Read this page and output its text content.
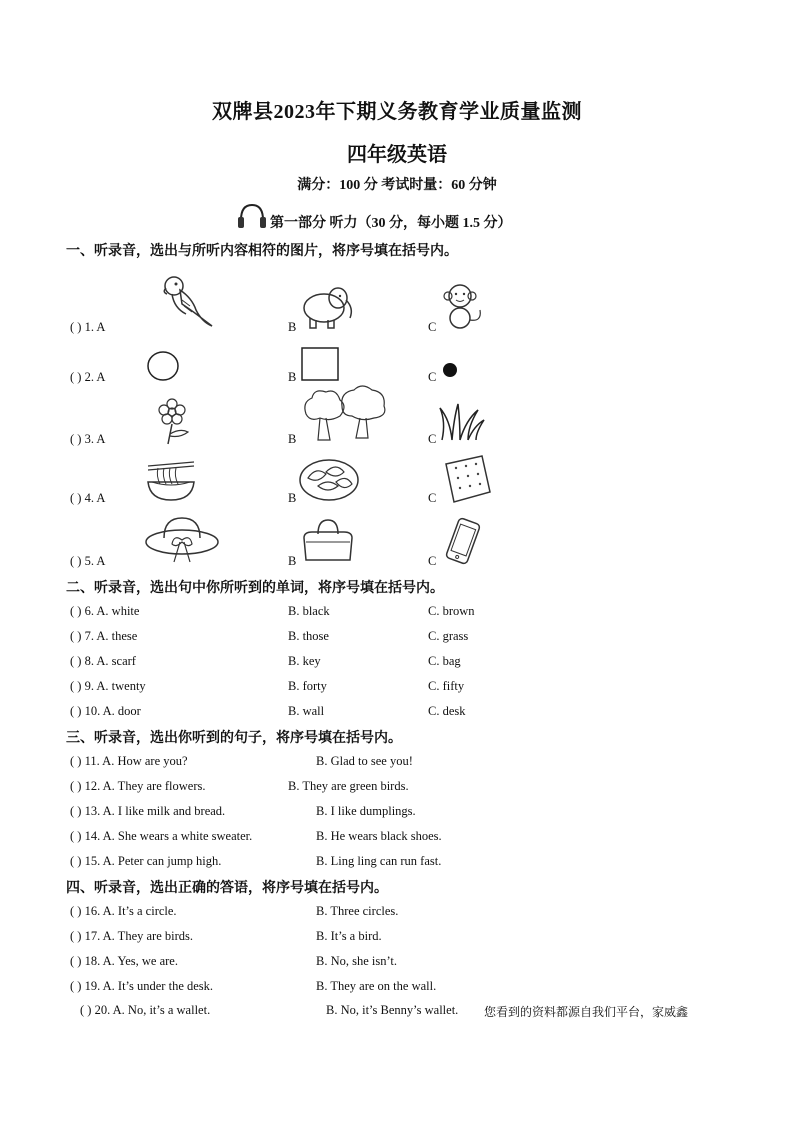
双牌县2023年下期义务教育学业质量监测
四年级英语
满分：100 分 考试时量：60 分钟
第一部分 听力（30 分，每小题 1.5 分）
一、听录音，选出与所听内容相符的图片，将序号填在括号内。
( ) 1. A	B	C
( ) 2. A	B	C
( ) 3. A	B	C
( ) 4. A	B	C
( ) 5. A	B	C
二、听录音，选出句中你所听到的单词，将序号填在括号内。
( ) 6. A. white	B. black	C. brown
( ) 7. A. these	B. those	C. grass
( ) 8. A. scarf	B. key	C. bag
( ) 9. A. twenty	B. forty	C. fifty
( ) 10. A. door	B. wall	C. desk
三、听录音，选出你听到的句子，将序号填在括号内。
( ) 11. A. How are you?	B. Glad to see you!
( ) 12. A. They are flowers.	B. They are green birds.
( ) 13. A. I like milk and bread.	B. I like dumplings.
( ) 14. A. She wears a white sweater.	B. He wears black shoes.
( ) 15. A. Peter can jump high.	B. Ling ling can run fast.
四、听录音，选出正确的答语，将序号填在括号内。
( ) 16. A. It’s a circle.	B. Three circles.
( ) 17. A. They are birds.	B. It’s a bird.
( ) 18. A. Yes, we are.	B. No, she isn’t.
( ) 19. A. It’s under the desk.	B. They are on the wall.
( ) 20. A. No, it’s a wallet.	B. No, it’s Benny’s wallet. 您看到的资料都源自我们平台，家威鑫
